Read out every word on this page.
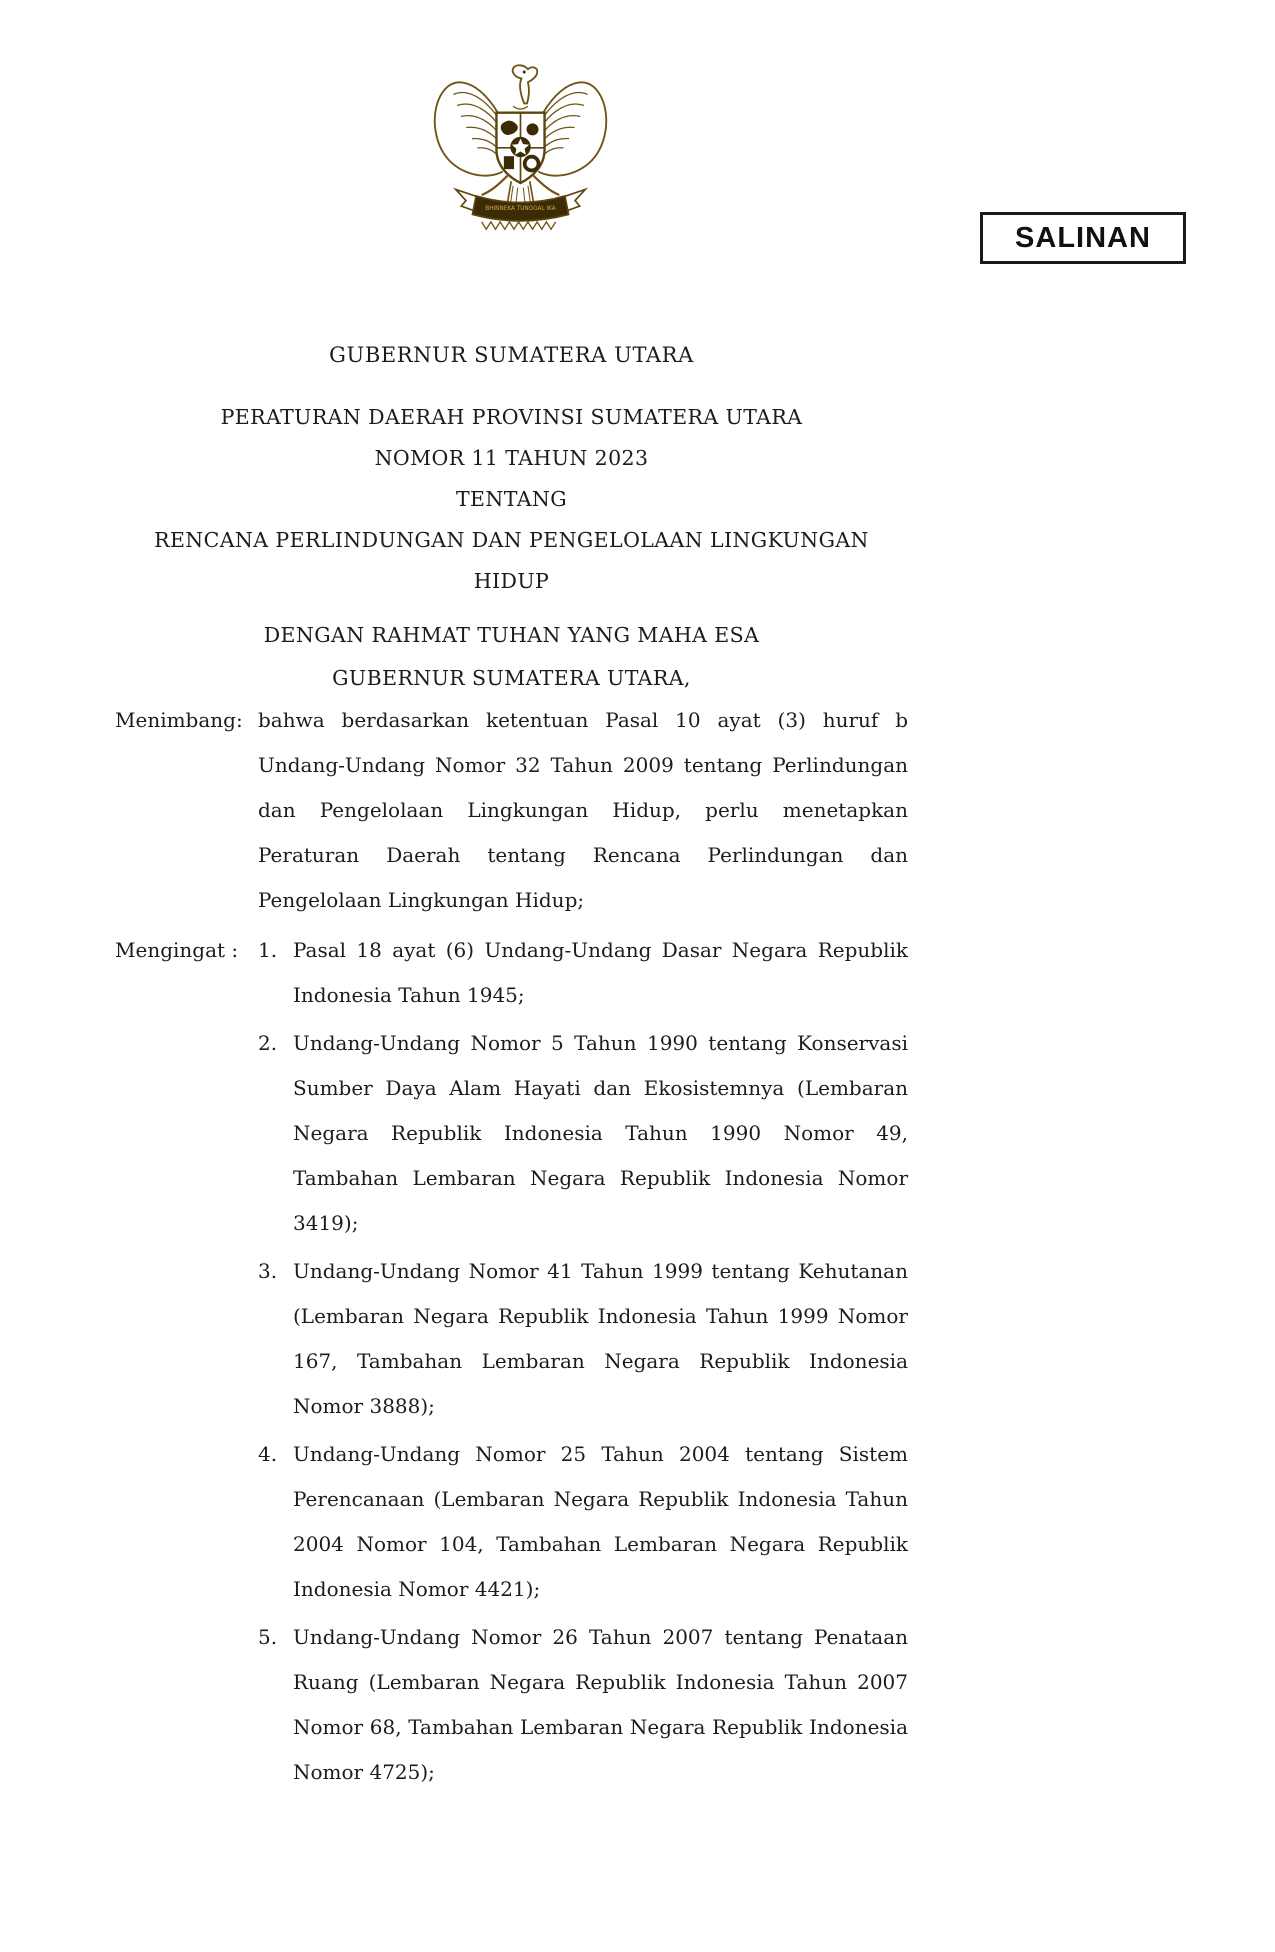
BHINNEKA TUNGGAL IKA
SALINAN
GUBERNUR SUMATERA UTARA
PERATURAN DAERAH PROVINSI SUMATERA UTARA
NOMOR 11 TAHUN 2023
TENTANG
RENCANA PERLINDUNGAN DAN PENGELOLAAN LINGKUNGAN HIDUP
DENGAN RAHMAT TUHAN YANG MAHA ESA
GUBERNUR SUMATERA UTARA,
Menimbang: bahwa berdasarkan ketentuan Pasal 10 ayat (3) huruf b Undang-Undang Nomor 32 Tahun 2009 tentang Perlindungan dan Pengelolaan Lingkungan Hidup, perlu menetapkan Peraturan Daerah tentang Rencana Perlindungan dan Pengelolaan Lingkungan Hidup;

Mengingat : 1. Pasal 18 ayat (6) Undang-Undang Dasar Negara Republik Indonesia Tahun 1945;

2. Undang-Undang Nomor 5 Tahun 1990 tentang Konservasi Sumber Daya Alam Hayati dan Ekosistemnya (Lembaran Negara Republik Indonesia Tahun 1990 Nomor 49, Tambahan Lembaran Negara Republik Indonesia Nomor 3419);

3. Undang-Undang Nomor 41 Tahun 1999 tentang Kehutanan (Lembaran Negara Republik Indonesia Tahun 1999 Nomor 167, Tambahan Lembaran Negara Republik Indonesia Nomor 3888);

4. Undang-Undang Nomor 25 Tahun 2004 tentang Sistem Perencanaan (Lembaran Negara Republik Indonesia Tahun 2004 Nomor 104, Tambahan Lembaran Negara Republik Indonesia Nomor 4421);

5. Undang-Undang Nomor 26 Tahun 2007 tentang Penataan Ruang (Lembaran Negara Republik Indonesia Tahun 2007 Nomor 68, Tambahan Lembaran Negara Republik Indonesia Nomor 4725);
